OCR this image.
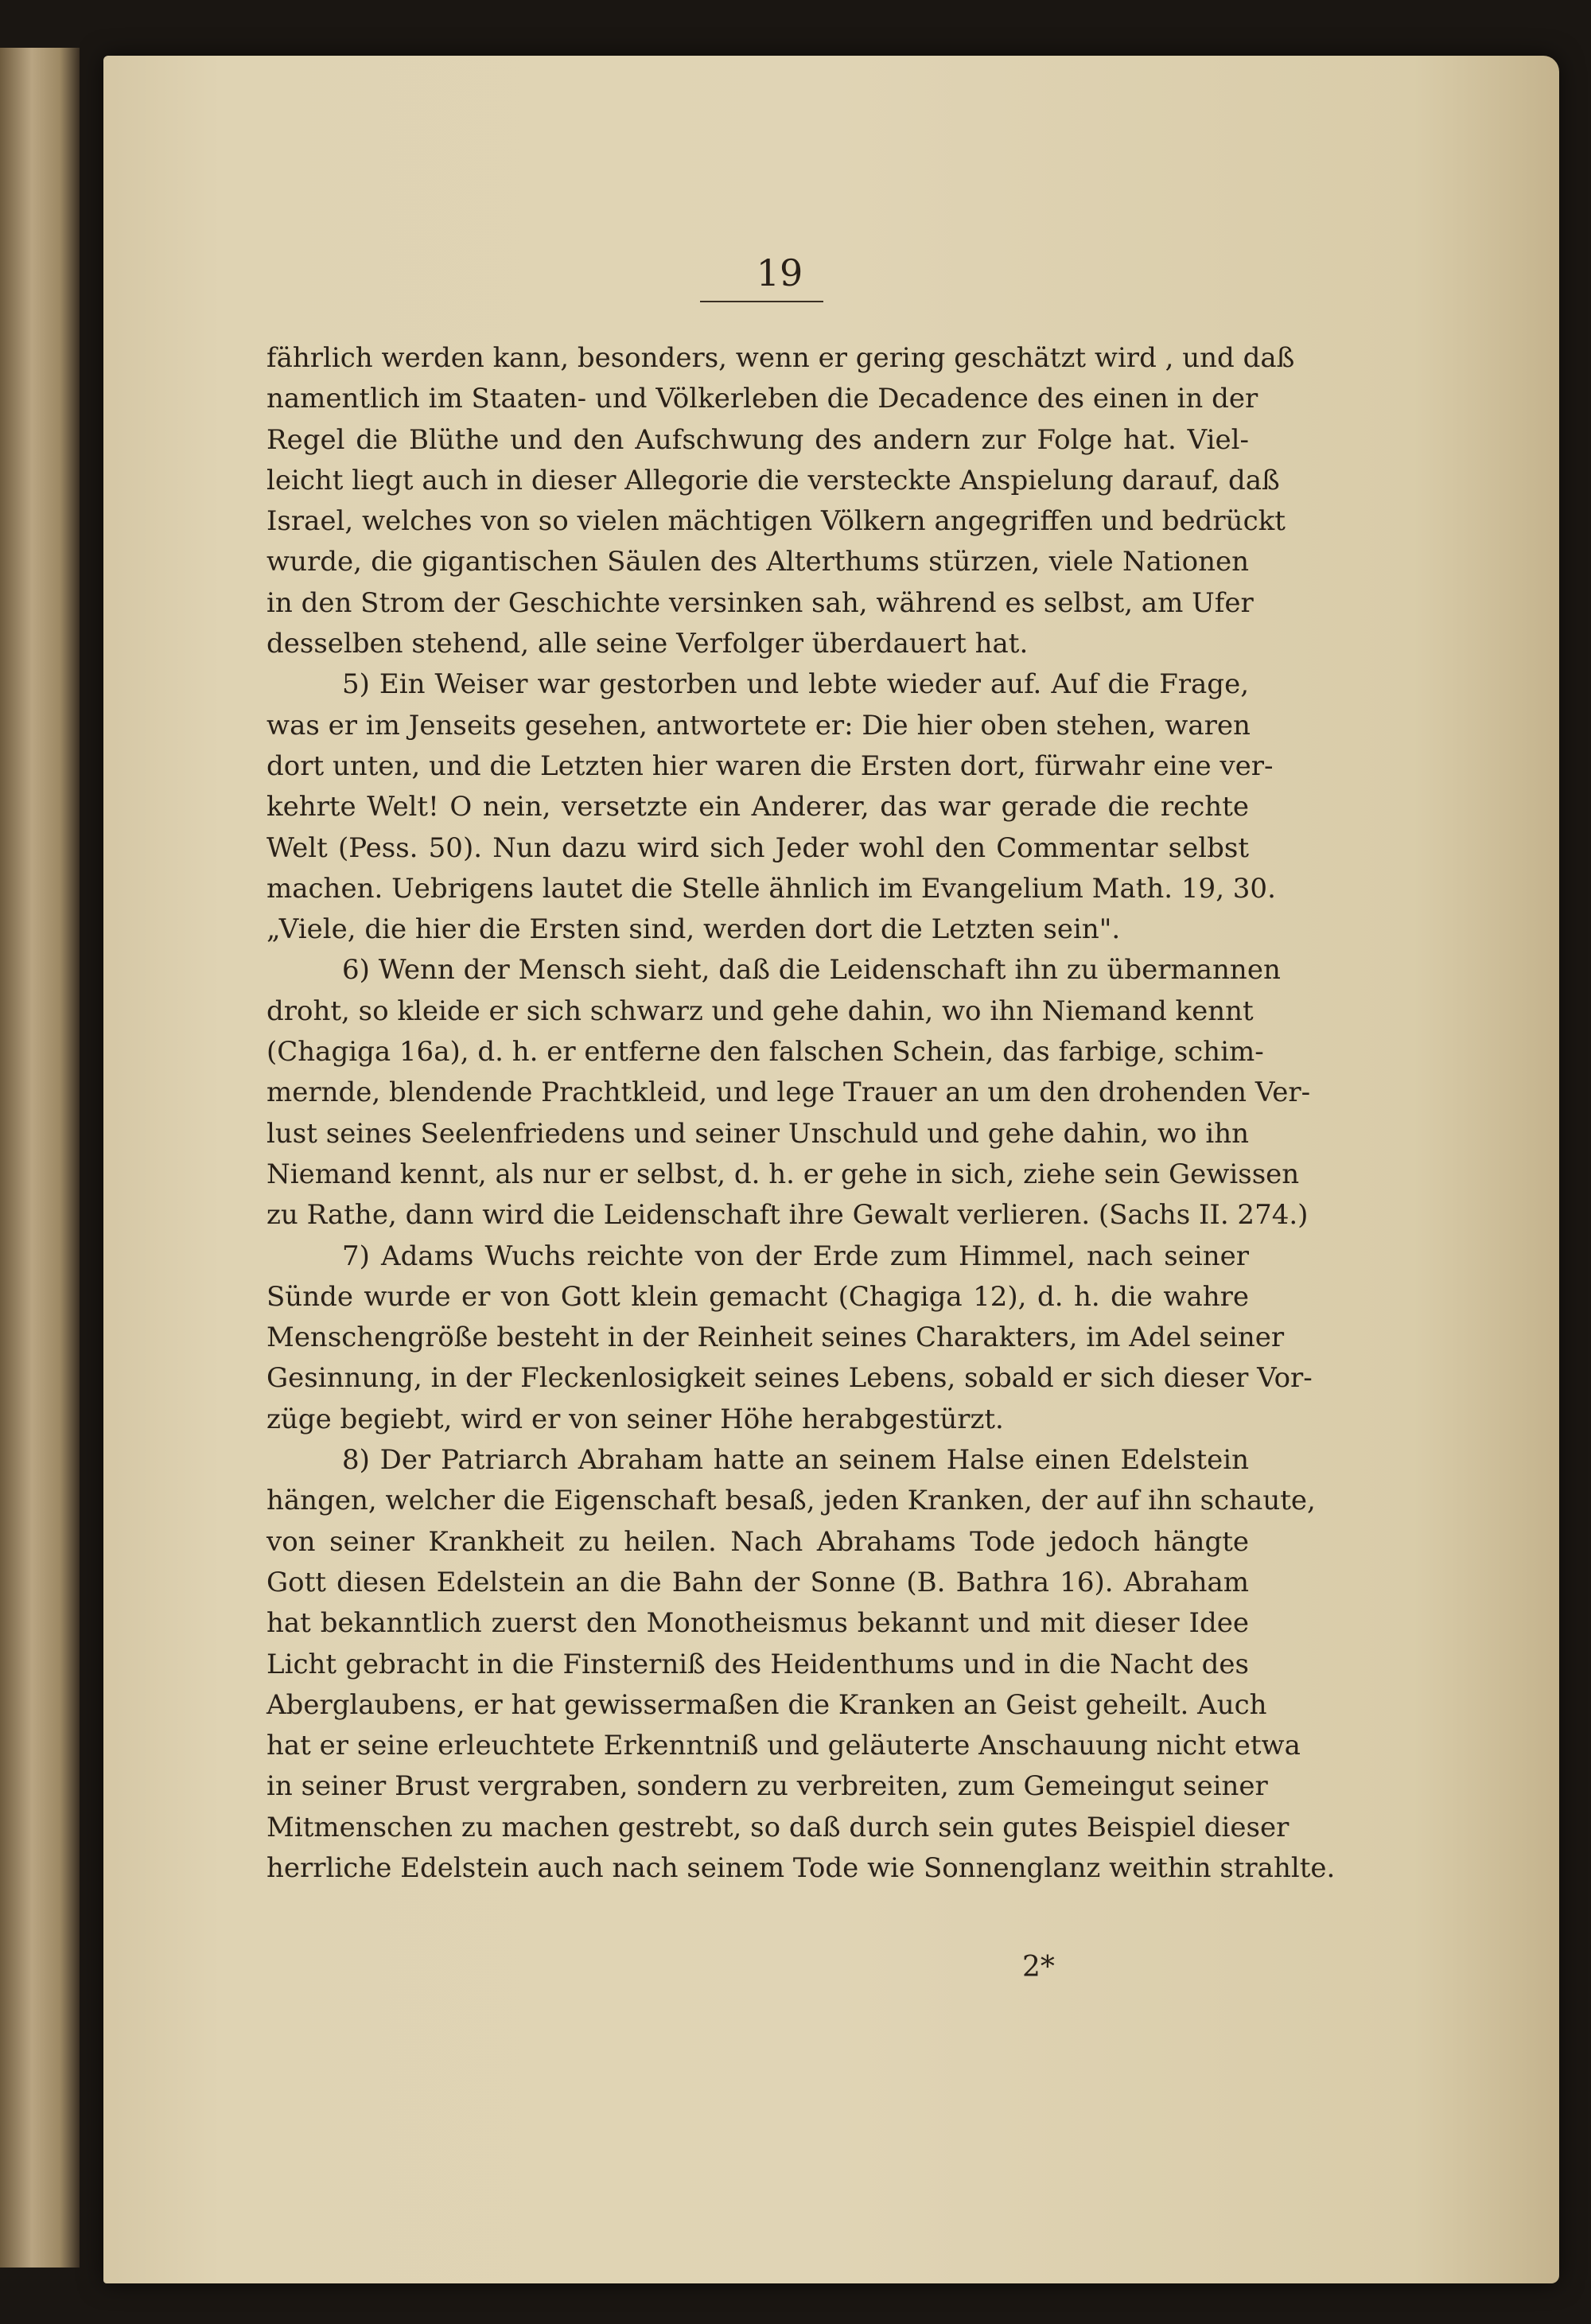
19
fährlich werden kann, besonders, wenn er gering geschätzt wird , und daß
namentlich im Staaten- und Völkerleben die Decadence des einen in der
Regel die Blüthe und den Aufschwung des andern zur Folge hat. Viel-
leicht liegt auch in dieser Allegorie die versteckte Anspielung darauf, daß
Israel, welches von so vielen mächtigen Völkern angegriffen und bedrückt
wurde, die gigantischen Säulen des Alterthums stürzen, viele Nationen
in den Strom der Geschichte versinken sah, während es selbst, am Ufer
desselben stehend, alle seine Verfolger überdauert hat.
5) Ein Weiser war gestorben und lebte wieder auf. Auf die Frage,
was er im Jenseits gesehen, antwortete er: Die hier oben stehen, waren
dort unten, und die Letzten hier waren die Ersten dort, fürwahr eine ver-
kehrte Welt! O nein, versetzte ein Anderer, das war gerade die rechte
Welt (Pess. 50). Nun dazu wird sich Jeder wohl den Commentar selbst
machen. Uebrigens lautet die Stelle ähnlich im Evangelium Math. 19, 30.
„Viele, die hier die Ersten sind, werden dort die Letzten sein".
6) Wenn der Mensch sieht, daß die Leidenschaft ihn zu übermannen
droht, so kleide er sich schwarz und gehe dahin, wo ihn Niemand kennt
(Chagiga 16a), d. h. er entferne den falschen Schein, das farbige, schim-
mernde, blendende Prachtkleid, und lege Trauer an um den drohenden Ver-
lust seines Seelenfriedens und seiner Unschuld und gehe dahin, wo ihn
Niemand kennt, als nur er selbst, d. h. er gehe in sich, ziehe sein Gewissen
zu Rathe, dann wird die Leidenschaft ihre Gewalt verlieren. (Sachs II. 274.)
7) Adams Wuchs reichte von der Erde zum Himmel, nach seiner
Sünde wurde er von Gott klein gemacht (Chagiga 12), d. h. die wahre
Menschengröße besteht in der Reinheit seines Charakters, im Adel seiner
Gesinnung, in der Fleckenlosigkeit seines Lebens, sobald er sich dieser Vor-
züge begiebt, wird er von seiner Höhe herabgestürzt.
8) Der Patriarch Abraham hatte an seinem Halse einen Edelstein
hängen, welcher die Eigenschaft besaß, jeden Kranken, der auf ihn schaute,
von seiner Krankheit zu heilen. Nach Abrahams Tode jedoch hängte
Gott diesen Edelstein an die Bahn der Sonne (B. Bathra 16). Abraham
hat bekanntlich zuerst den Monotheismus bekannt und mit dieser Idee
Licht gebracht in die Finsterniß des Heidenthums und in die Nacht des
Aberglaubens, er hat gewissermaßen die Kranken an Geist geheilt. Auch
hat er seine erleuchtete Erkenntniß und geläuterte Anschauung nicht etwa
in seiner Brust vergraben, sondern zu verbreiten, zum Gemeingut seiner
Mitmenschen zu machen gestrebt, so daß durch sein gutes Beispiel dieser
herrliche Edelstein auch nach seinem Tode wie Sonnenglanz weithin strahlte.
2*
